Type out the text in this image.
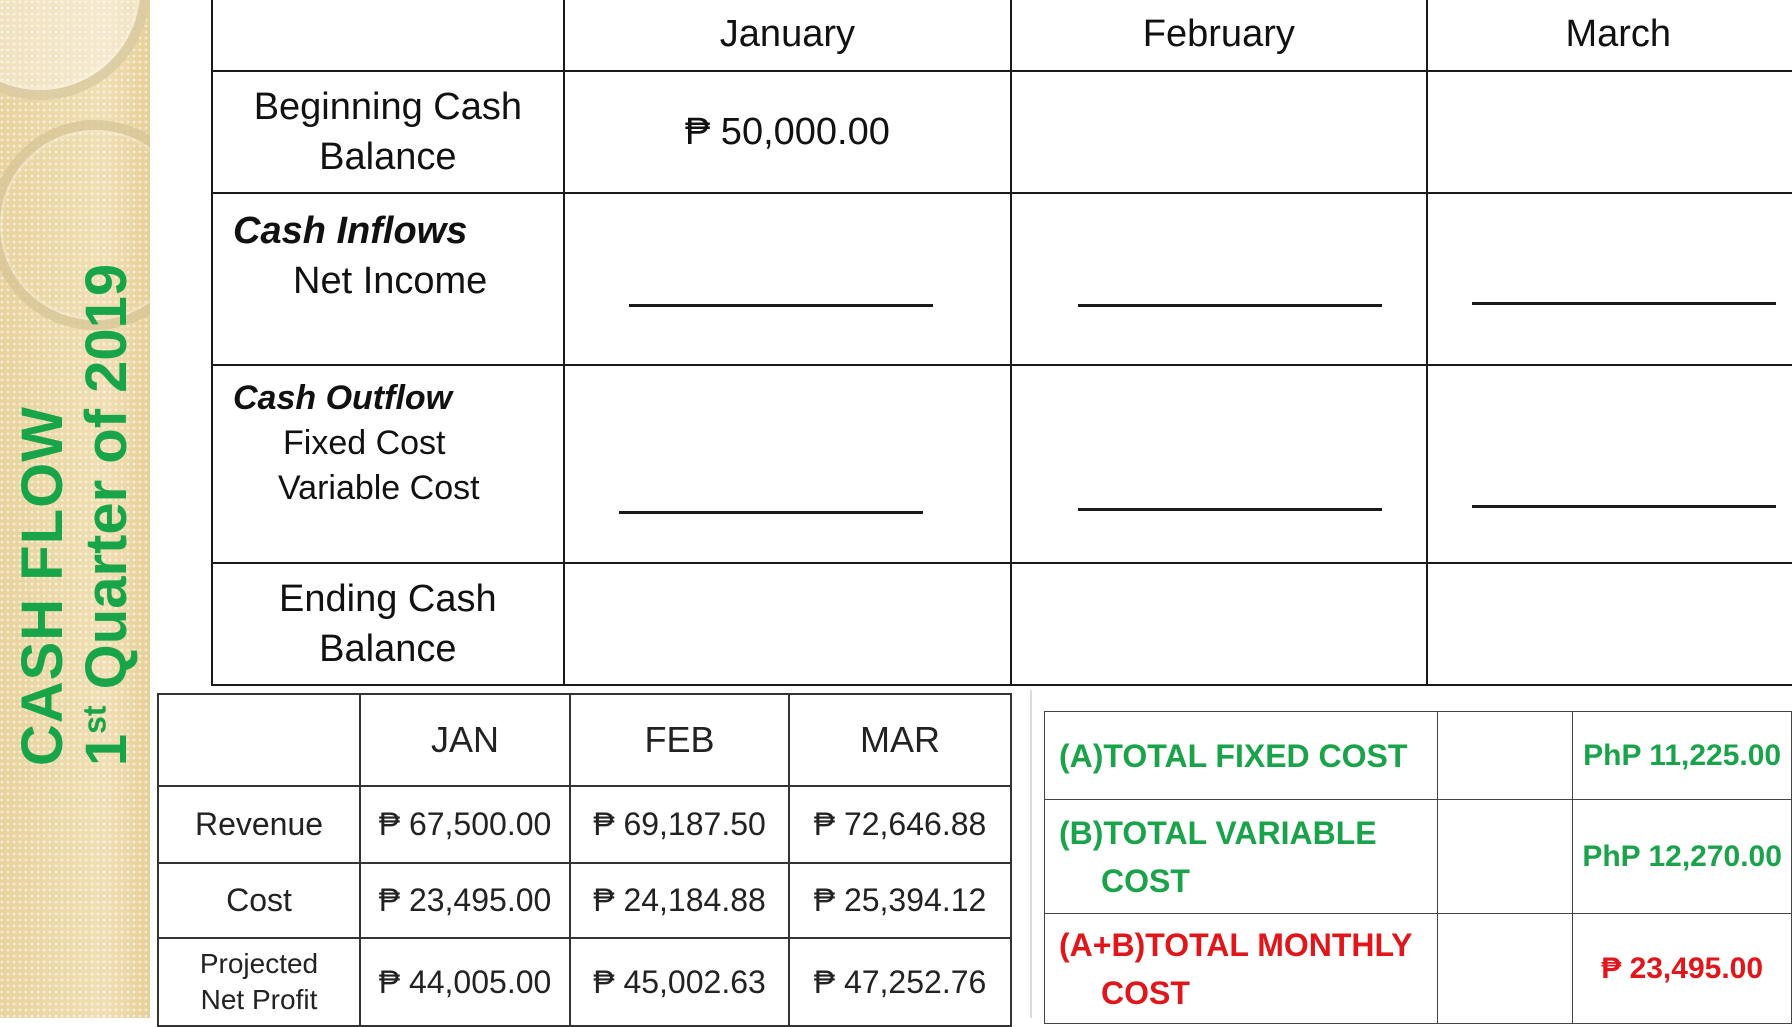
CASH FLOW 1st Quarter of 2019
	January	February	March

Beginning Cash
Balance	₱ 50,000.00		

Cash Inflows
Net Income			

Cash Outflow
Fixed Cost
Variable Cost			

Ending Cash
Balance			

	JAN	FEB	MAR
Revenue	₱ 67,500.00	₱ 69,187.50	₱ 72,646.88
Cost	₱ 23,495.00	₱ 24,184.88	₱ 25,394.12

Projected
Net Profit	₱ 44,005.00	₱ 45,002.63	₱ 47,252.76
(A)TOTAL FIXED COST		PhP 11,225.00

(B)TOTAL VARIABLE
COST		PhP 12,270.00

(A+B)TOTAL MONTHLY
COST		₱ 23,495.00
